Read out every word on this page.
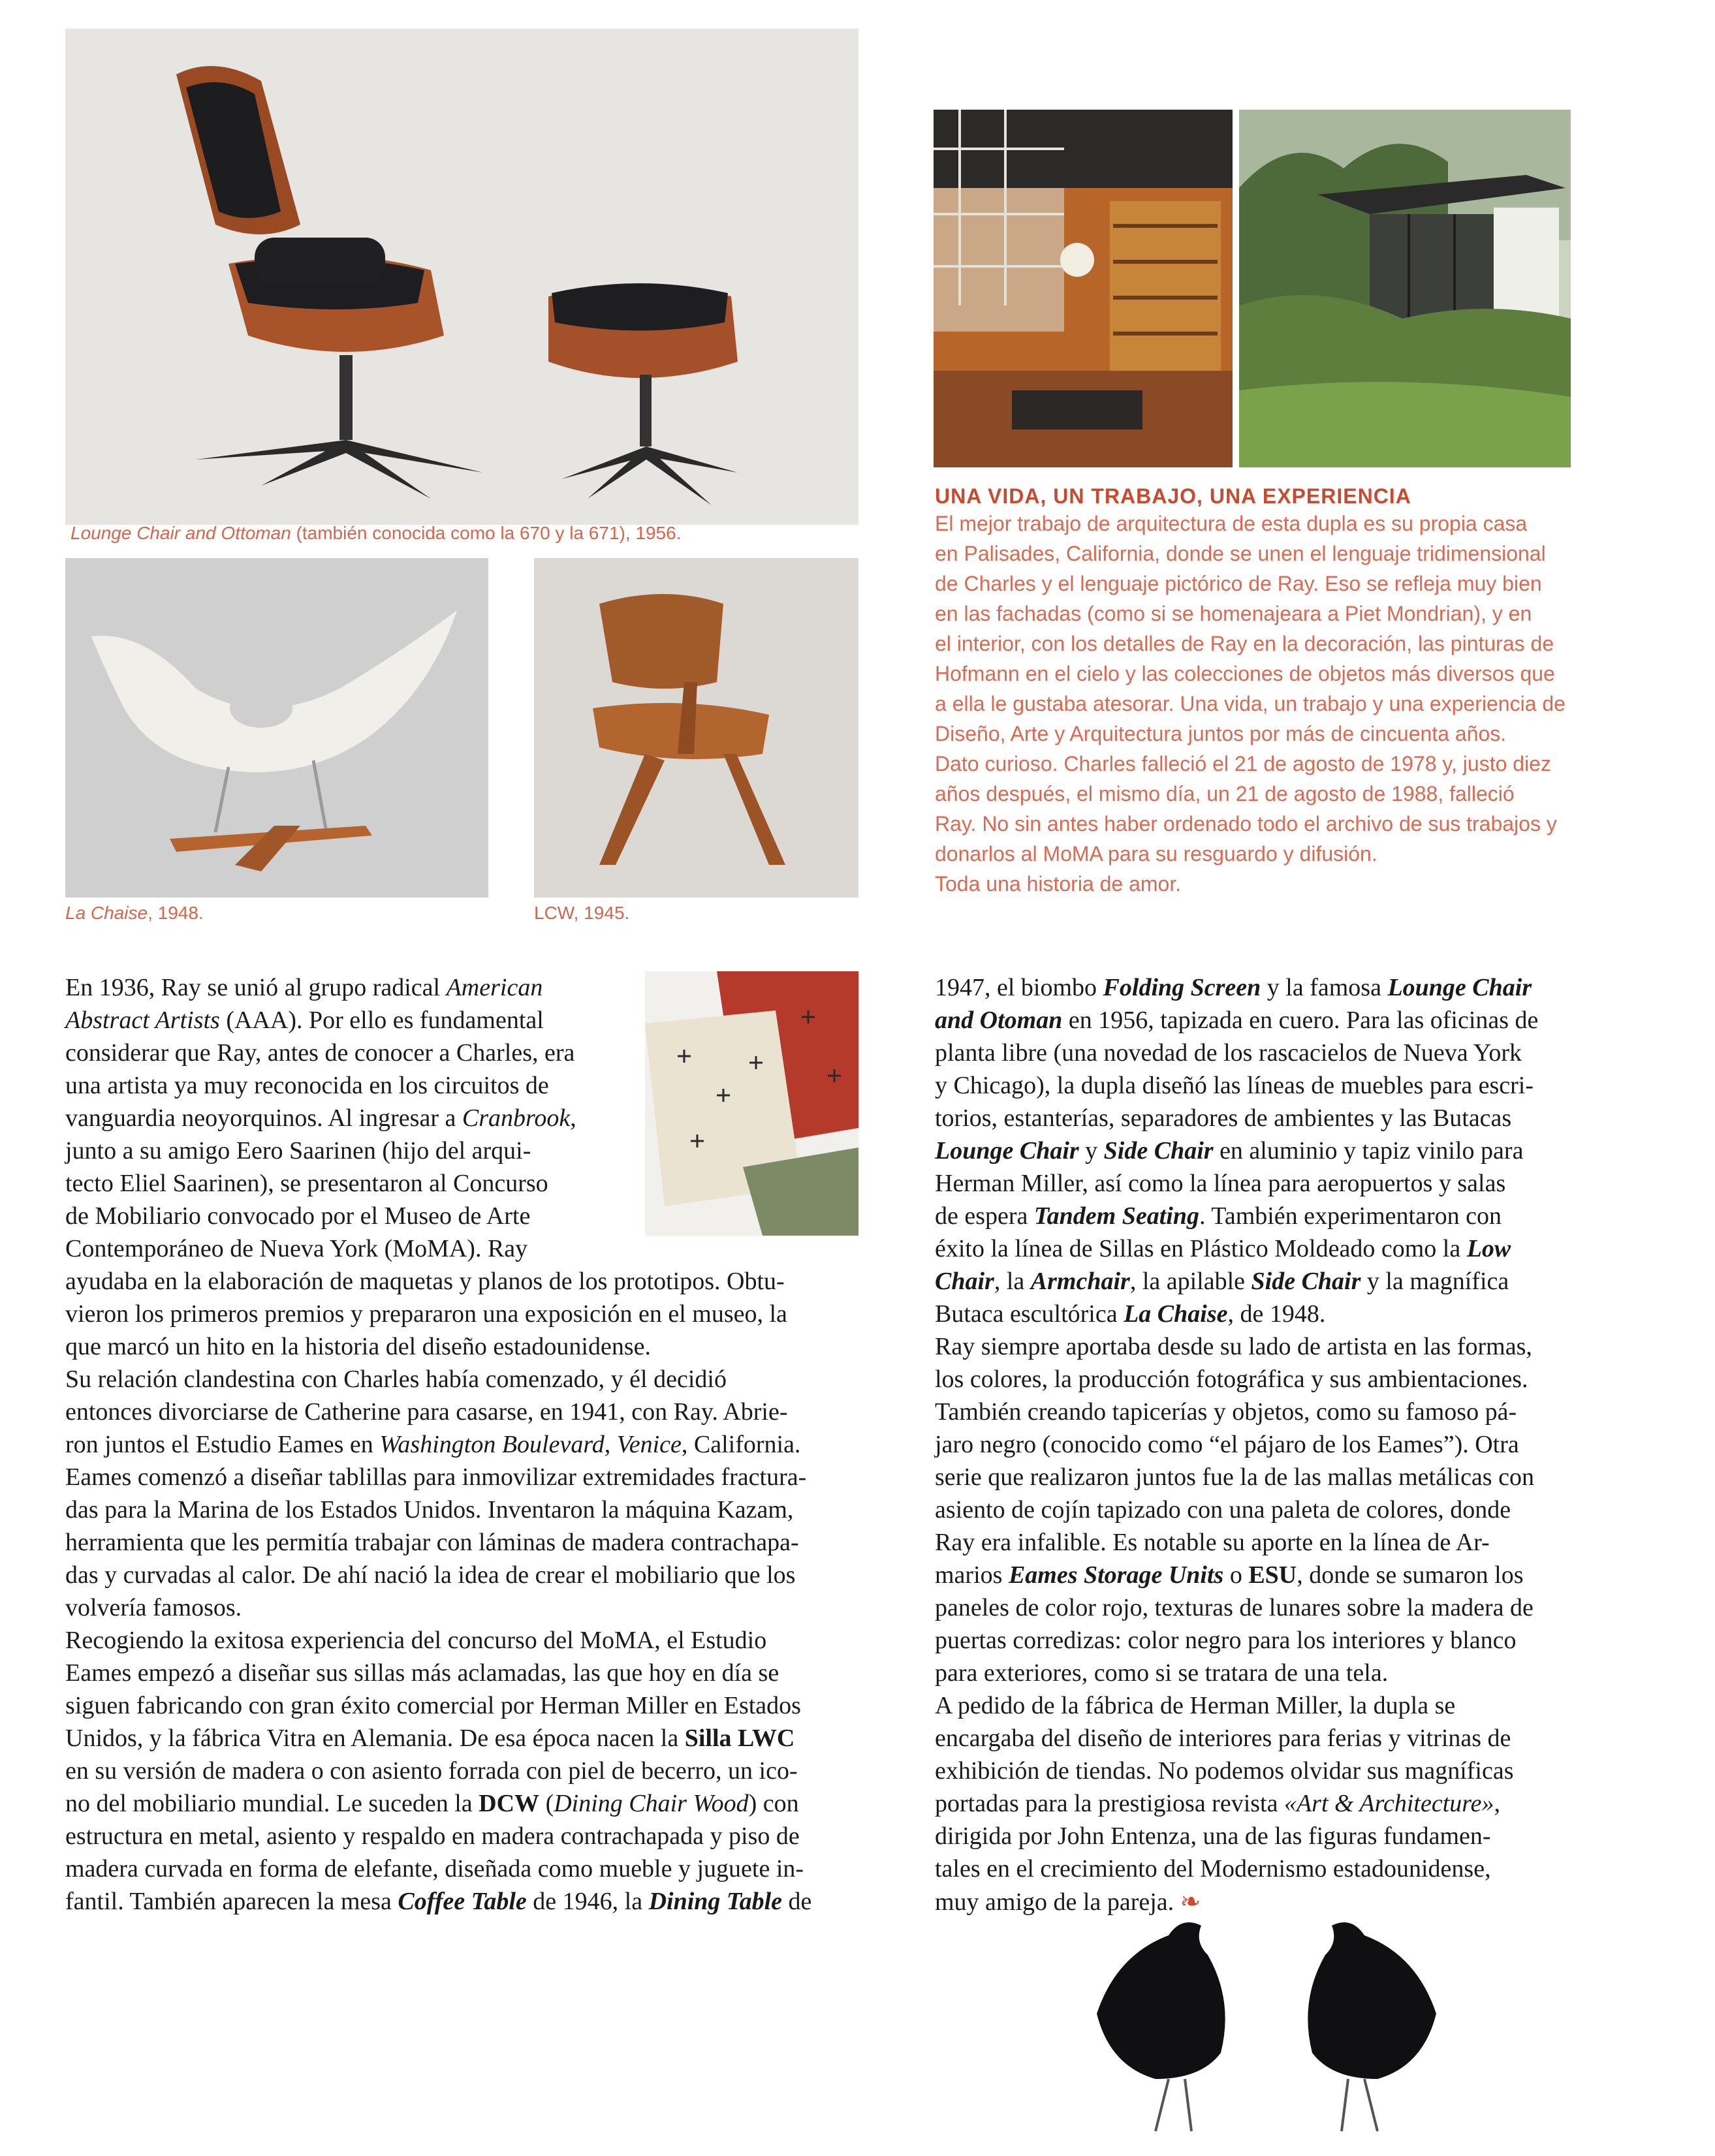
Lounge Chair and Ottoman (también conocida como la 670 y la 671), 1956.
La Chaise, 1948.	LCW, 1945.
UNA VIDA, UN TRABAJO, UNA EXPERIENCIA

El mejor trabajo de arquitectura de esta dupla es su propia casa

en Palisades, California, donde se unen el lenguaje tridimensional

de Charles y el lenguaje pictórico de Ray. Eso se refleja muy bien

en las fachadas (como si se homenajeara a Piet Mondrian), y en

el interior, con los detalles de Ray en la decoración, las pinturas de

Hofmann en el cielo y las colecciones de objetos más diversos que

a ella le gustaba atesorar. Una vida, un trabajo y una experiencia de

Diseño, Arte y Arquitectura juntos por más de cincuenta años.

Dato curioso. Charles falleció el 21 de agosto de 1978 y, justo diez

años después, el mismo día, un 21 de agosto de 1988, falleció

Ray. No sin antes haber ordenado todo el archivo de sus trabajos y

donarlos al MoMA para su resguardo y difusión.

Toda una historia de amor.

En 1936, Ray se unió al grupo radical American
Abstract Artists (AAA). Por ello es fundamental
considerar que Ray, antes de conocer a Charles, era
una artista ya muy reconocida en los circuitos de
vanguardia neoyorquinos. Al ingresar a Cranbrook,
junto a su amigo Eero Saarinen (hijo del arqui-
tecto Eliel Saarinen), se presentaron al Concurso
de Mobiliario convocado por el Museo de Arte
Contemporáneo de Nueva York (MoMA). Ray
ayudaba en la elaboración de maquetas y planos de los prototipos. Obtu-
vieron los primeros premios y prepararon una exposición en el museo, la
que marcó un hito en la historia del diseño estadounidense.
Su relación clandestina con Charles había comenzado, y él decidió
entonces divorciarse de Catherine para casarse, en 1941, con Ray. Abrie-
ron juntos el Estudio Eames en Washington Boulevard, Venice, California.
Eames comenzó a diseñar tablillas para inmovilizar extremidades fractura-
das para la Marina de los Estados Unidos. Inventaron la máquina Kazam,
herramienta que les permitía trabajar con láminas de madera contrachapa-
das y curvadas al calor. De ahí nació la idea de crear el mobiliario que los
volvería famosos.
Recogiendo la exitosa experiencia del concurso del MoMA, el Estudio
Eames empezó a diseñar sus sillas más aclamadas, las que hoy en día se
siguen fabricando con gran éxito comercial por Herman Miller en Estados
Unidos, y la fábrica Vitra en Alemania. De esa época nacen la Silla LWC
en su versión de madera o con asiento forrada con piel de becerro, un ico-
no del mobiliario mundial. Le suceden la DCW (Dining Chair Wood) con
estructura en metal, asiento y respaldo en madera contrachapada y piso de
madera curvada en forma de elefante, diseñada como mueble y juguete in-
fantil. También aparecen la mesa Coffee Table de 1946, la Dining Table de
1947, el biombo Folding Screen y la famosa Lounge Chair
and Otoman en 1956, tapizada en cuero. Para las oficinas de
planta libre (una novedad de los rascacielos de Nueva York
y Chicago), la dupla diseñó las líneas de muebles para escri-
torios, estanterías, separadores de ambientes y las Butacas
Lounge Chair y Side Chair en aluminio y tapiz vinilo para
Herman Miller, así como la línea para aeropuertos y salas
de espera Tandem Seating. También experimentaron con
éxito la línea de Sillas en Plástico Moldeado como la Low
Chair, la Armchair, la apilable Side Chair y la magnífica
Butaca escultórica La Chaise, de 1948.
Ray siempre aportaba desde su lado de artista en las formas,
los colores, la producción fotográfica y sus ambientaciones.
También creando tapicerías y objetos, como su famoso pá-
jaro negro (conocido como “el pájaro de los Eames”). Otra
serie que realizaron juntos fue la de las mallas metálicas con
asiento de cojín tapizado con una paleta de colores, donde
Ray era infalible. Es notable su aporte en la línea de Ar-
marios Eames Storage Units o ESU, donde se sumaron los
paneles de color rojo, texturas de lunares sobre la madera de
puertas corredizas: color negro para los interiores y blanco
para exteriores, como si se tratara de una tela.
A pedido de la fábrica de Herman Miller, la dupla se
encargaba del diseño de interiores para ferias y vitrinas de
exhibición de tiendas. No podemos olvidar sus magníficas
portadas para la prestigiosa revista «Art & Architecture»,
dirigida por John Entenza, una de las figuras fundamen-
tales en el crecimiento del Modernismo estadounidense,
muy amigo de la pareja. ❧
